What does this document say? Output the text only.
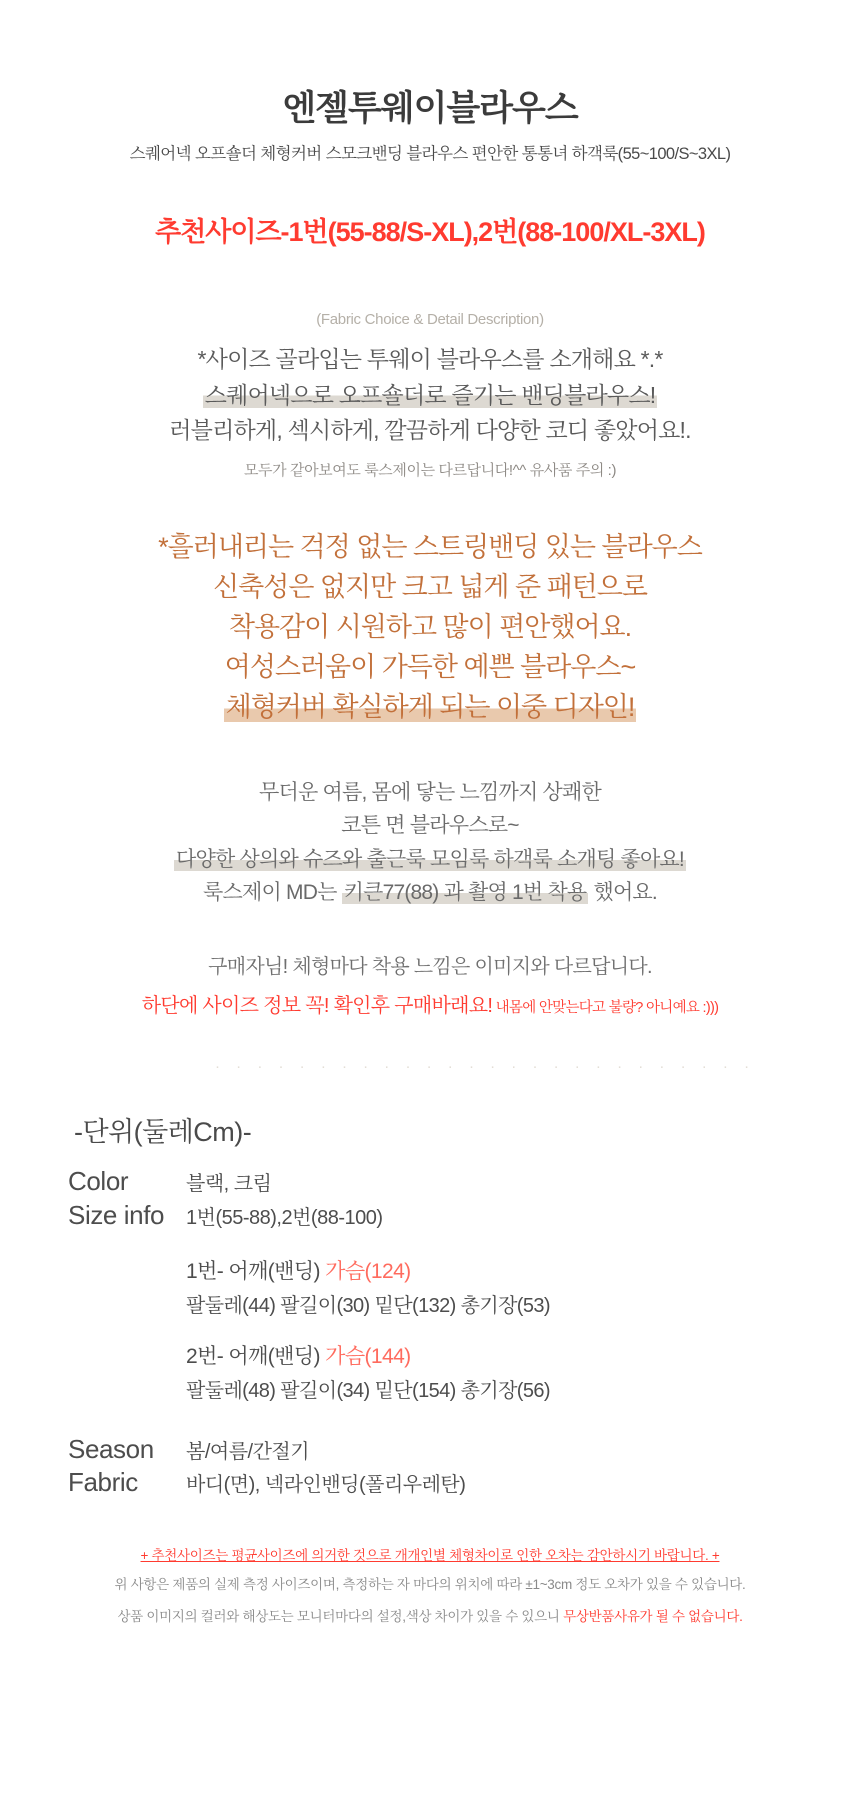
엔젤투웨이블라우스
스퀘어넥 오프숄더 체형커버 스모크밴딩 블라우스 편안한 통통녀 하객룩(55~100/S~3XL)
추천사이즈-1번(55-88/S-XL),2번(88-100/XL-3XL)
(Fabric Choice & Detail Description)
*사이즈 골라입는 투웨이 블라우스를 소개해요 *.*
스퀘어넥으로 오프숄더로 즐기는 밴딩블라우스!
러블리하게, 섹시하게, 깔끔하게 다양한 코디 좋았어요!.
모두가 같아보여도 룩스제이는 다르답니다!^^ 유사품 주의 :)
*흘러내리는 걱정 없는 스트링밴딩 있는 블라우스
신축성은 없지만 크고 넓게 준 패턴으로
착용감이 시원하고 많이 편안했어요.
여성스러움이 가득한 예쁜 블라우스~
체형커버 확실하게 되는 이중 디자인!
무더운 여름, 몸에 닿는 느낌까지 상쾌한
코튼 면 블라우스로~
다양한 상의와 슈즈와 출근룩 모임룩 하객룩 소개팅 좋아요!
룩스제이 MD는 키큰77(88) 과 촬영 1번 착용 했어요.
구매자님! 체형마다 착용 느낌은 이미지와 다르답니다.
하단에 사이즈 정보 꼭! 확인후 구매바래요! 내몸에 안맞는다고 불량? 아니예요 :)))
· · · · · · · · · · · · · · · · · · · · · · · · · ·
-단위(둘레Cm)-
Color	블랙, 크림
Size info	1번(55-88),2번(88-100)
1번- 어깨(밴딩) 가슴(124)
팔둘레(44) 팔길이(30) 밑단(132) 총기장(53)
2번- 어깨(밴딩) 가슴(144)
팔둘레(48) 팔길이(34) 밑단(154) 총기장(56)
Season	봄/여름/간절기
Fabric	바디(면), 넥라인밴딩(폴리우레탄)
+ 추천사이즈는 평균사이즈에 의거한 것으로 개개인별 체형차이로 인한 오차는 감안하시기 바랍니다. +
위 사항은 제품의 실제 측정 사이즈이며, 측정하는 자 마다의 위치에 따라 ±1~3cm 정도 오차가 있을 수 있습니다.
상품 이미지의 컬러와 해상도는 모니터마다의 설정,색상 차이가 있을 수 있으니 무상반품사유가 될 수 없습니다.
